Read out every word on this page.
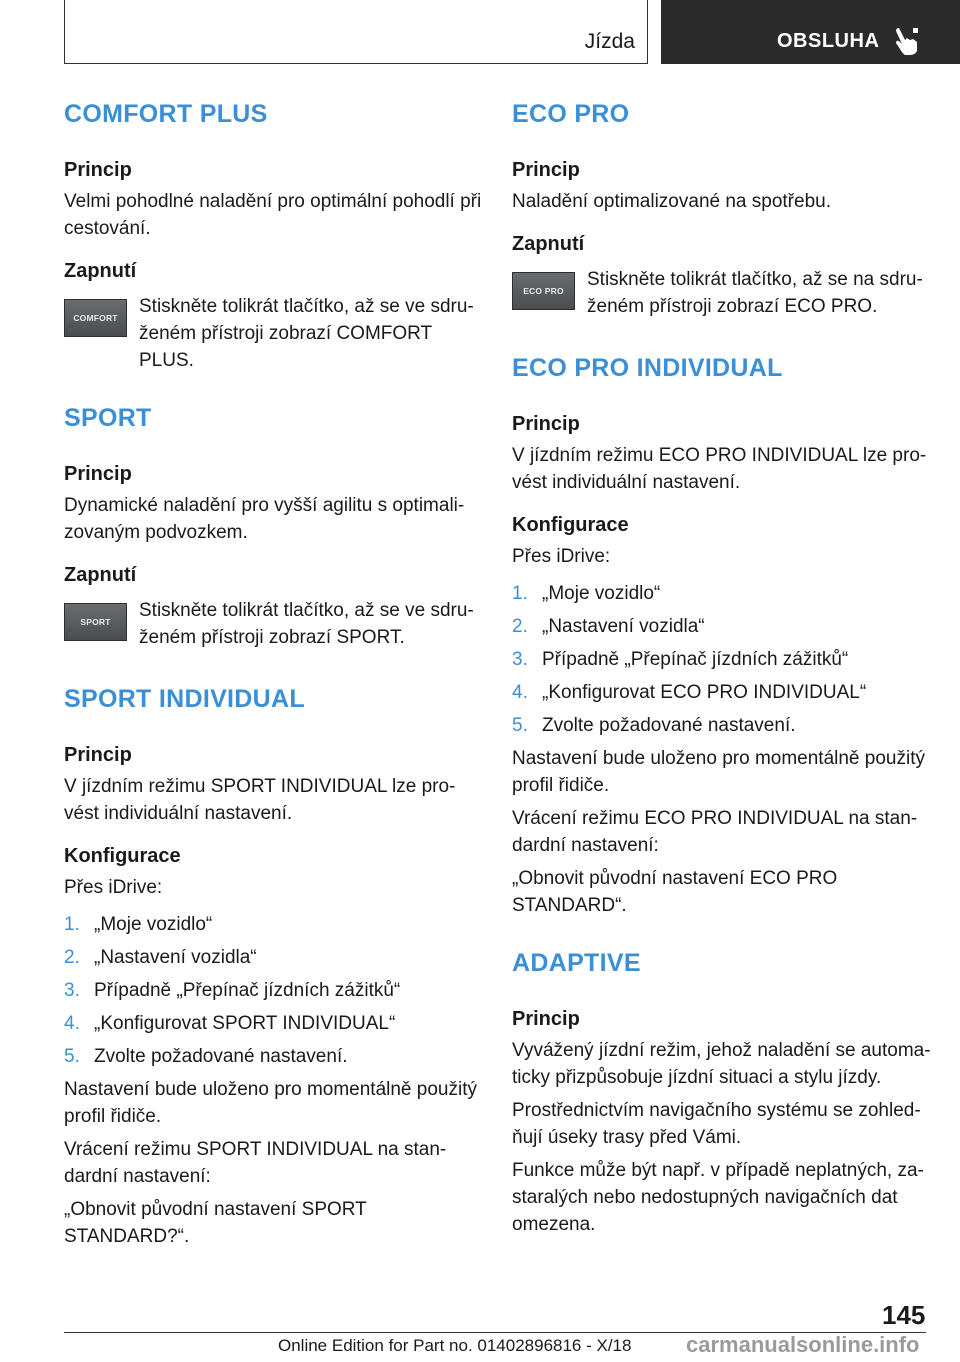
Jízda	OBSLUHA
COMFORT PLUS
Princip

Velmi pohodlné naladění pro optimální pohodlí při cestování.

Zapnutí
COMFORT

Stiskněte tolikrát tlačítko, až se ve sdru‐ ženém přístroji zobrazí COMFORT PLUS.

SPORT
Princip

Dynamické naladění pro vyšší agilitu s optimali‐ zovaným podvozkem.

Zapnutí
SPORT

Stiskněte tolikrát tlačítko, až se ve sdru‐ ženém přístroji zobrazí SPORT.

SPORT INDIVIDUAL
Princip

V jízdním režimu SPORT INDIVIDUAL lze pro‐ vést individuální nastavení.

Konfigurace

Přes iDrive:

1. „Moje vozidlo“
2. „Nastavení vozidla“
3. Případně „Přepínač jízdních zážitků“
4. „Konfigurovat SPORT INDIVIDUAL“
5. Zvolte požadované nastavení.

Nastavení bude uloženo pro momentálně použitý profil řidiče.

Vrácení režimu SPORT INDIVIDUAL na stan‐ dardní nastavení:

„Obnovit původní nastavení SPORT STANDARD?“.

ECO PRO
Princip

Naladění optimalizované na spotřebu.

Zapnutí
ECO PRO

Stiskněte tolikrát tlačítko, až se na sdru‐ ženém přístroji zobrazí ECO PRO.

ECO PRO INDIVIDUAL
Princip

V jízdním režimu ECO PRO INDIVIDUAL lze pro‐ vést individuální nastavení.

Konfigurace

Přes iDrive:

1. „Moje vozidlo“
2. „Nastavení vozidla“
3. Případně „Přepínač jízdních zážitků“
4. „Konfigurovat ECO PRO INDIVIDUAL“
5. Zvolte požadované nastavení.

Nastavení bude uloženo pro momentálně použitý profil řidiče.

Vrácení režimu ECO PRO INDIVIDUAL na stan‐ dardní nastavení:

„Obnovit původní nastavení ECO PRO STANDARD“.

ADAPTIVE
Princip

Vyvážený jízdní režim, jehož naladění se automa‐ ticky přizpůsobuje jízdní situaci a stylu jízdy.

Prostřednictvím navigačního systému se zohled‐ ňují úseky trasy před Vámi.

Funkce může být např. v případě neplatných, za‐ staralých nebo nedostupných navigačních dat omezena.

145
Online Edition for Part no. 01402896816 - X/18 carmanualsonline.info
